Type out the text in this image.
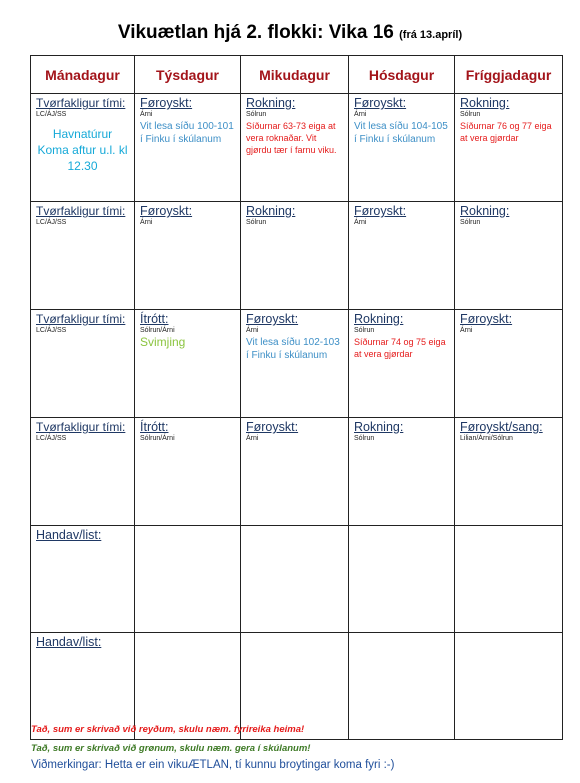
Vikuætlan hjá 2. flokki: Vika 16 (frá 13.apríl)
Mánadagur	Týsdagur	Mikudagur	Hósdagur	Fríggjadagur

Tvørfakligur tími:
LC/ÁJ/SS
Havnatúrur Koma aftur u.l. kl 12.30	Føroyskt:
Árni
Vit lesa síðu 100-101 í Finku í skúlanum	Rokning:
Sólrun
Síðurnar 63-73 eiga at vera roknaðar. Vit gjørdu tær í farnu viku.	Føroyskt:
Árni
Vit lesa síðu 104-105 í Finku í skúlanum	Rokning:
Sólrun
Síðurnar 76 og 77 eiga at vera gjørdar

Tvørfakligur tími:
LC/ÁJ/SS	Føroyskt:
Árni	Rokning:
Sólrun	Føroyskt:
Árni	Rokning:
Sólrun

Tvørfakligur tími:
LC/ÁJ/SS	Ítrótt:
Sólrun/Árni
Svimjing	Føroyskt:
Árni
Vit lesa síðu 102-103 í Finku í skúlanum	Rokning:
Sólrun
Síðurnar 74 og 75 eiga at vera gjørdar	Føroyskt:
Árni

Tvørfakligur tími:
LC/ÁJ/SS	Ítrótt:
Sólrun/Árni	Føroyskt:
Árni	Rokning:
Sólrun	Føroyskt/sang:
Lilian/Árni/Sólrun

Handav/list:				

Handav/list:				

Tað, sum er skrivað við reyðum, skulu næm. fyrireika heima!
Tað, sum er skrivað við grønum, skulu næm. gera í skúlanum!
Viðmerkingar: Hetta er ein vikuÆTLAN, tí kunnu broytingar koma fyri :-)
